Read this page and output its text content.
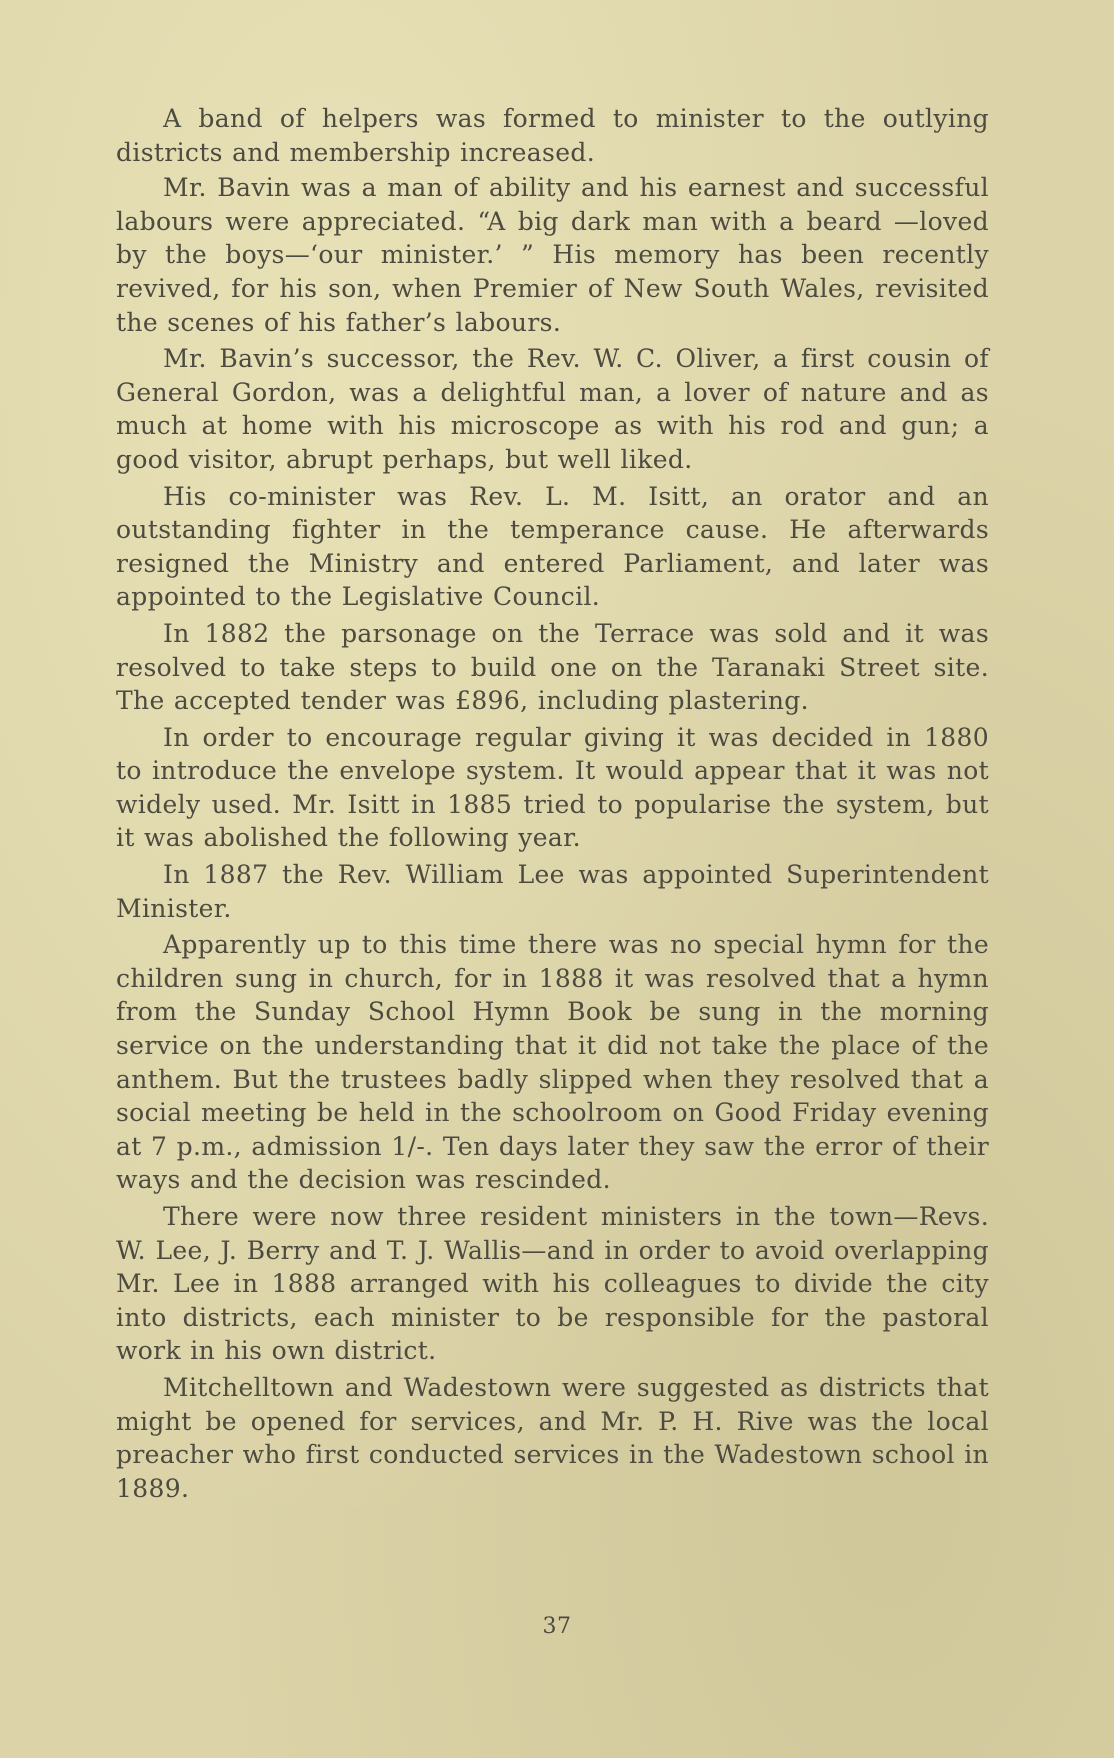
A band of helpers was formed to minister to the outlying districts and membership increased.

Mr. Bavin was a man of ability and his earnest and successful labours were appreciated. “A big dark man with a beard —loved by the boys—‘our minister.’ ” His memory has been recently revived, for his son, when Premier of New South Wales, revisited the scenes of his father’s labours.

Mr. Bavin’s successor, the Rev. W. C. Oliver, a first cousin of General Gordon, was a delightful man, a lover of nature and as much at home with his microscope as with his rod and gun; a good visitor, abrupt perhaps, but well liked.

His co-minister was Rev. L. M. Isitt, an orator and an outstanding fighter in the temperance cause. He afterwards resigned the Ministry and entered Parliament, and later was appointed to the Legislative Council.

In 1882 the parsonage on the Terrace was sold and it was resolved to take steps to build one on the Taranaki Street site. The accepted tender was £896, including plastering.

In order to encourage regular giving it was decided in 1880 to introduce the envelope system. It would appear that it was not widely used. Mr. Isitt in 1885 tried to popularise the system, but it was abolished the following year.

In 1887 the Rev. William Lee was appointed Superintendent Minister.

Apparently up to this time there was no special hymn for the children sung in church, for in 1888 it was resolved that a hymn from the Sunday School Hymn Book be sung in the morning service on the understanding that it did not take the place of the anthem. But the trustees badly slipped when they resolved that a social meeting be held in the schoolroom on Good Friday evening at 7 p.m., admission 1/-. Ten days later they saw the error of their ways and the decision was rescinded.

There were now three resident ministers in the town—Revs. W. Lee, J. Berry and T. J. Wallis—and in order to avoid overlapping Mr. Lee in 1888 arranged with his colleagues to divide the city into districts, each minister to be responsible for the pastoral work in his own district.

Mitchelltown and Wadestown were suggested as districts that might be opened for services, and Mr. P. H. Rive was the local preacher who first conducted services in the Wadestown school in 1889.

37
